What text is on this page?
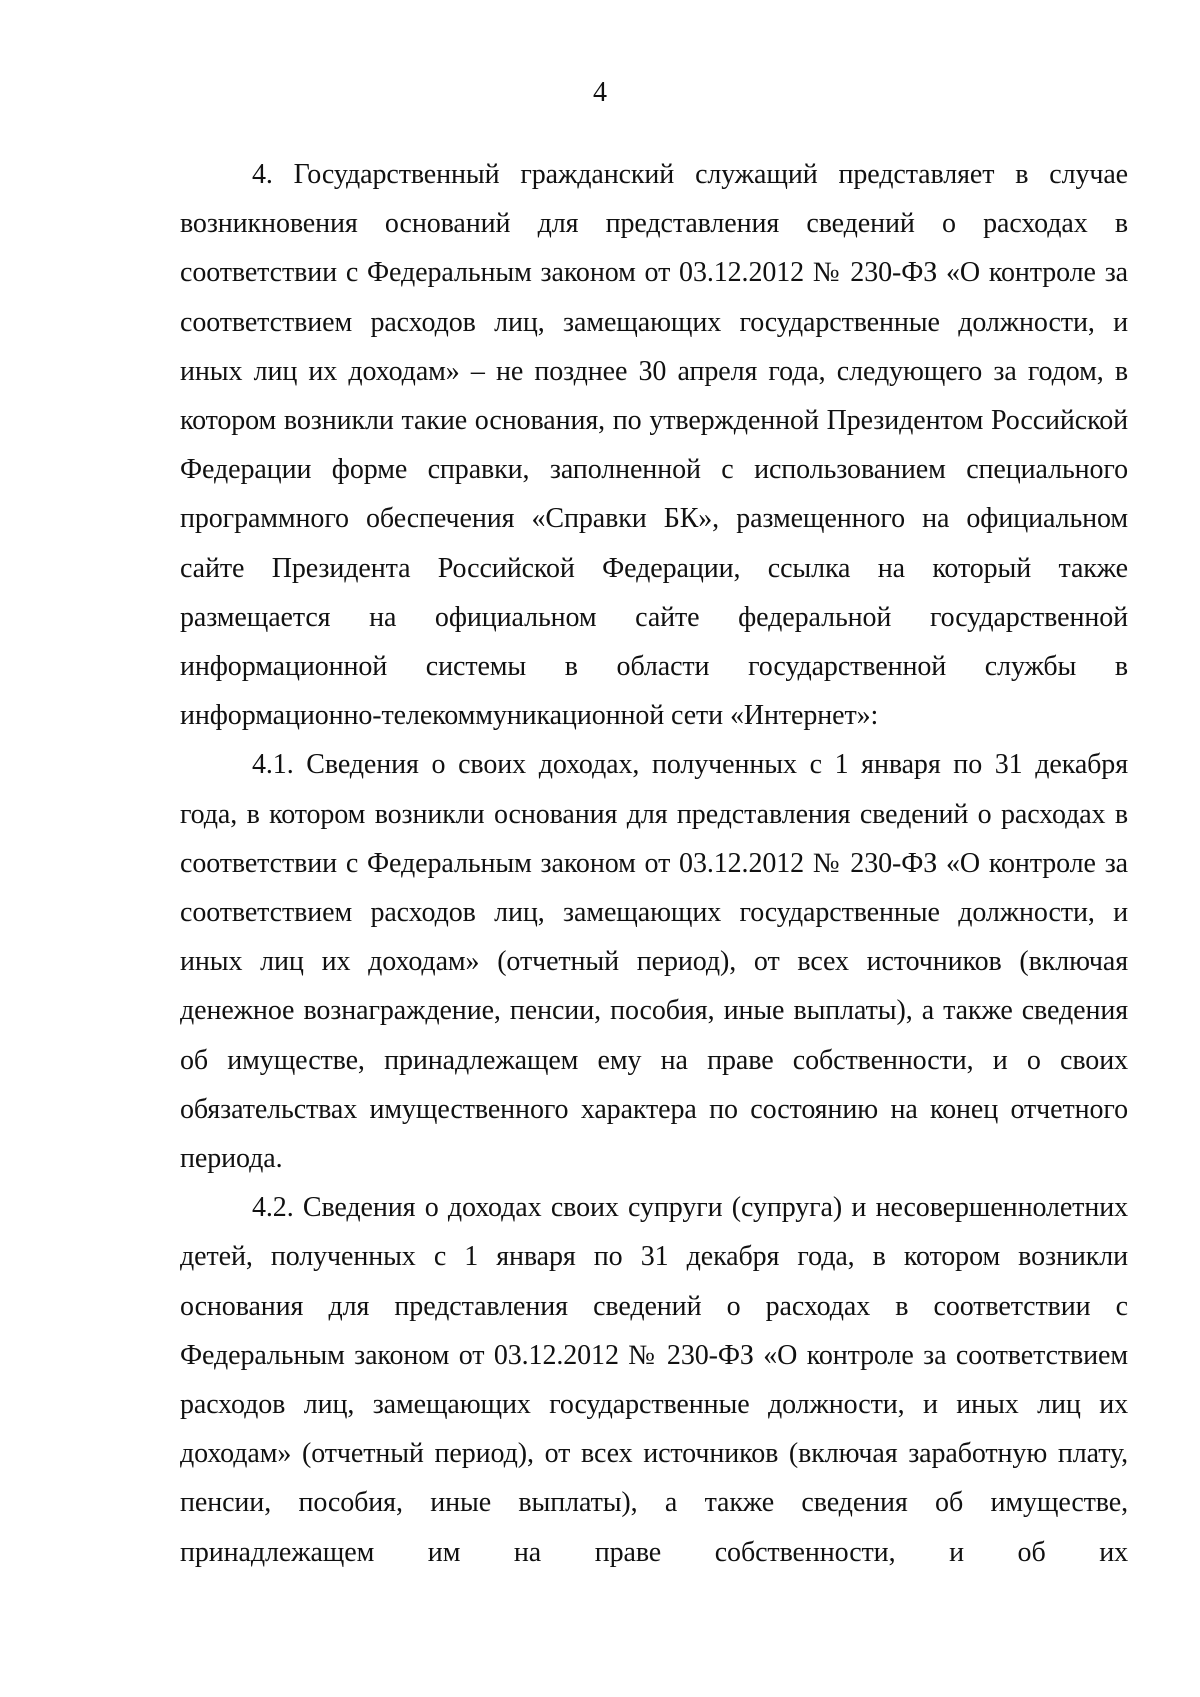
4

4. Государственный гражданский служащий представляет в случае возникновения оснований для представления сведений о расходах в соответствии с Федеральным законом от 03.12.2012 № 230-ФЗ «О контроле за соответствием расходов лиц, замещающих государственные должности, и иных лиц их доходам» – не позднее 30 апреля года, следующего за годом, в котором возникли такие основания, по утвержденной Президентом Российской Федерации форме справки, заполненной с использованием специального программного обеспечения «Справки БК», размещенного на официальном сайте Президента Российской Федерации, ссылка на который также размещается на официальном сайте федеральной государственной информационной системы в области государственной службы в информационно-телекоммуникационной сети «Интернет»:

4.1. Сведения о своих доходах, полученных с 1 января по 31 декабря года, в котором возникли основания для представления сведений о расходах в соответствии с Федеральным законом от 03.12.2012 № 230-ФЗ «О контроле за соответствием расходов лиц, замещающих государственные должности, и иных лиц их доходам» (отчетный период), от всех источников (включая денежное вознаграждение, пенсии, пособия, иные выплаты), а также сведения об имуществе, принадлежащем ему на праве собственности, и о своих обязательствах имущественного характера по состоянию на конец отчетного периода.

4.2. Сведения о доходах своих супруги (супруга) и несовершеннолетних детей, полученных с 1 января по 31 декабря года, в котором возникли основания для представления сведений о расходах в соответствии с Федеральным законом от 03.12.2012 № 230-ФЗ «О контроле за соответствием расходов лиц, замещающих государственные должности, и иных лиц их доходам» (отчетный период), от всех источников (включая заработную плату, пенсии, пособия, иные выплаты), а также сведения об имуществе, принадлежащем им на праве собственности, и об их
